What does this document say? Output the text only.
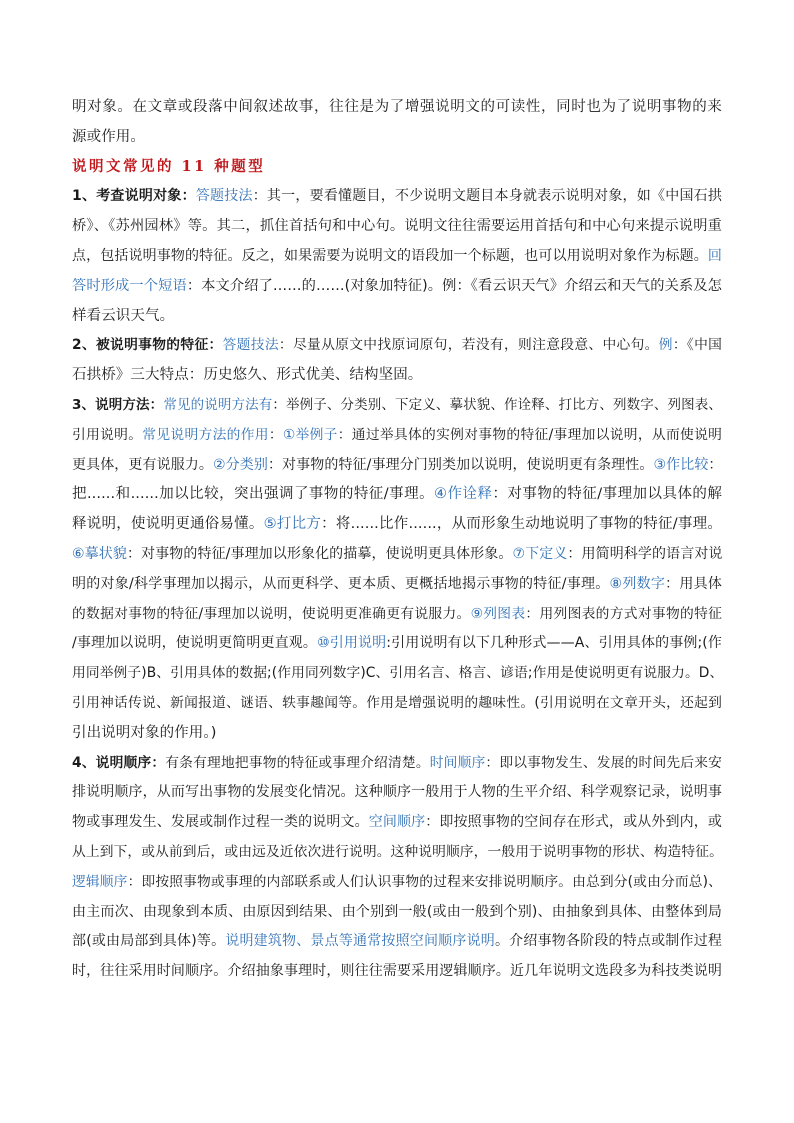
明对象。在文章或段落中间叙述故事，往往是为了增强说明文的可读性，同时也为了说明事物的来
源或作用。
说明文常见的 11 种题型
1、考查说明对象：答题技法：其一，要看懂题目，不少说明文题目本身就表示说明对象，如《中国石拱
桥》、《苏州园林》等。其二，抓住首括句和中心句。说明文往往需要运用首括句和中心句来提示说明重
点，包括说明事物的特征。反之，如果需要为说明文的语段加一个标题，也可以用说明对象作为标题。回
答时形成一个短语：本文介绍了……的……(对象加特征)。例：《看云识天气》介绍云和天气的关系及怎
样看云识天气。
2、被说明事物的特征：答题技法：尽量从原文中找原词原句，若没有，则注意段意、中心句。例：《中国
石拱桥》三大特点：历史悠久、形式优美、结构坚固。
3、说明方法：常见的说明方法有：举例子、分类别、下定义、摹状貌、作诠释、打比方、列数字、列图表、
引用说明。常见说明方法的作用：①举例子：通过举具体的实例对事物的特征/事理加以说明，从而使说明
更具体，更有说服力。②分类别：对事物的特征/事理分门别类加以说明，使说明更有条理性。③作比较：
把......和......加以比较，突出强调了事物的特征/事理。④作诠释：对事物的特征/事理加以具体的解
释说明，使说明更通俗易懂。⑤打比方：将......比作......，从而形象生动地说明了事物的特征/事理。
⑥摹状貌：对事物的特征/事理加以形象化的描摹，使说明更具体形象。⑦下定义：用简明科学的语言对说
明的对象/科学事理加以揭示，从而更科学、更本质、更概括地揭示事物的特征/事理。⑧列数字：用具体
的数据对事物的特征/事理加以说明，使说明更准确更有说服力。⑨列图表：用列图表的方式对事物的特征
/事理加以说明，使说明更简明更直观。⑩引用说明:引用说明有以下几种形式——A、引用具体的事例;(作
用同举例子)B、引用具体的数据;(作用同列数字)C、引用名言、格言、谚语;作用是使说明更有说服力。D、
引用神话传说、新闻报道、谜语、轶事趣闻等。作用是增强说明的趣味性。(引用说明在文章开头，还起到
引出说明对象的作用。)
4、说明顺序：有条有理地把事物的特征或事理介绍清楚。时间顺序：即以事物发生、发展的时间先后来安
排说明顺序，从而写出事物的发展变化情况。这种顺序一般用于人物的生平介绍、科学观察记录，说明事
物或事理发生、发展或制作过程一类的说明文。空间顺序：即按照事物的空间存在形式，或从外到内，或
从上到下，或从前到后，或由远及近依次进行说明。这种说明顺序，一般用于说明事物的形状、构造特征。
逻辑顺序：即按照事物或事理的内部联系或人们认识事物的过程来安排说明顺序。由总到分(或由分而总)、
由主而次、由现象到本质、由原因到结果、由个别到一般(或由一般到个别)、由抽象到具体、由整体到局
部(或由局部到具体)等。说明建筑物、景点等通常按照空间顺序说明。介绍事物各阶段的特点或制作过程
时，往往采用时间顺序。介绍抽象事理时，则往往需要采用逻辑顺序。近几年说明文选段多为科技类说明
